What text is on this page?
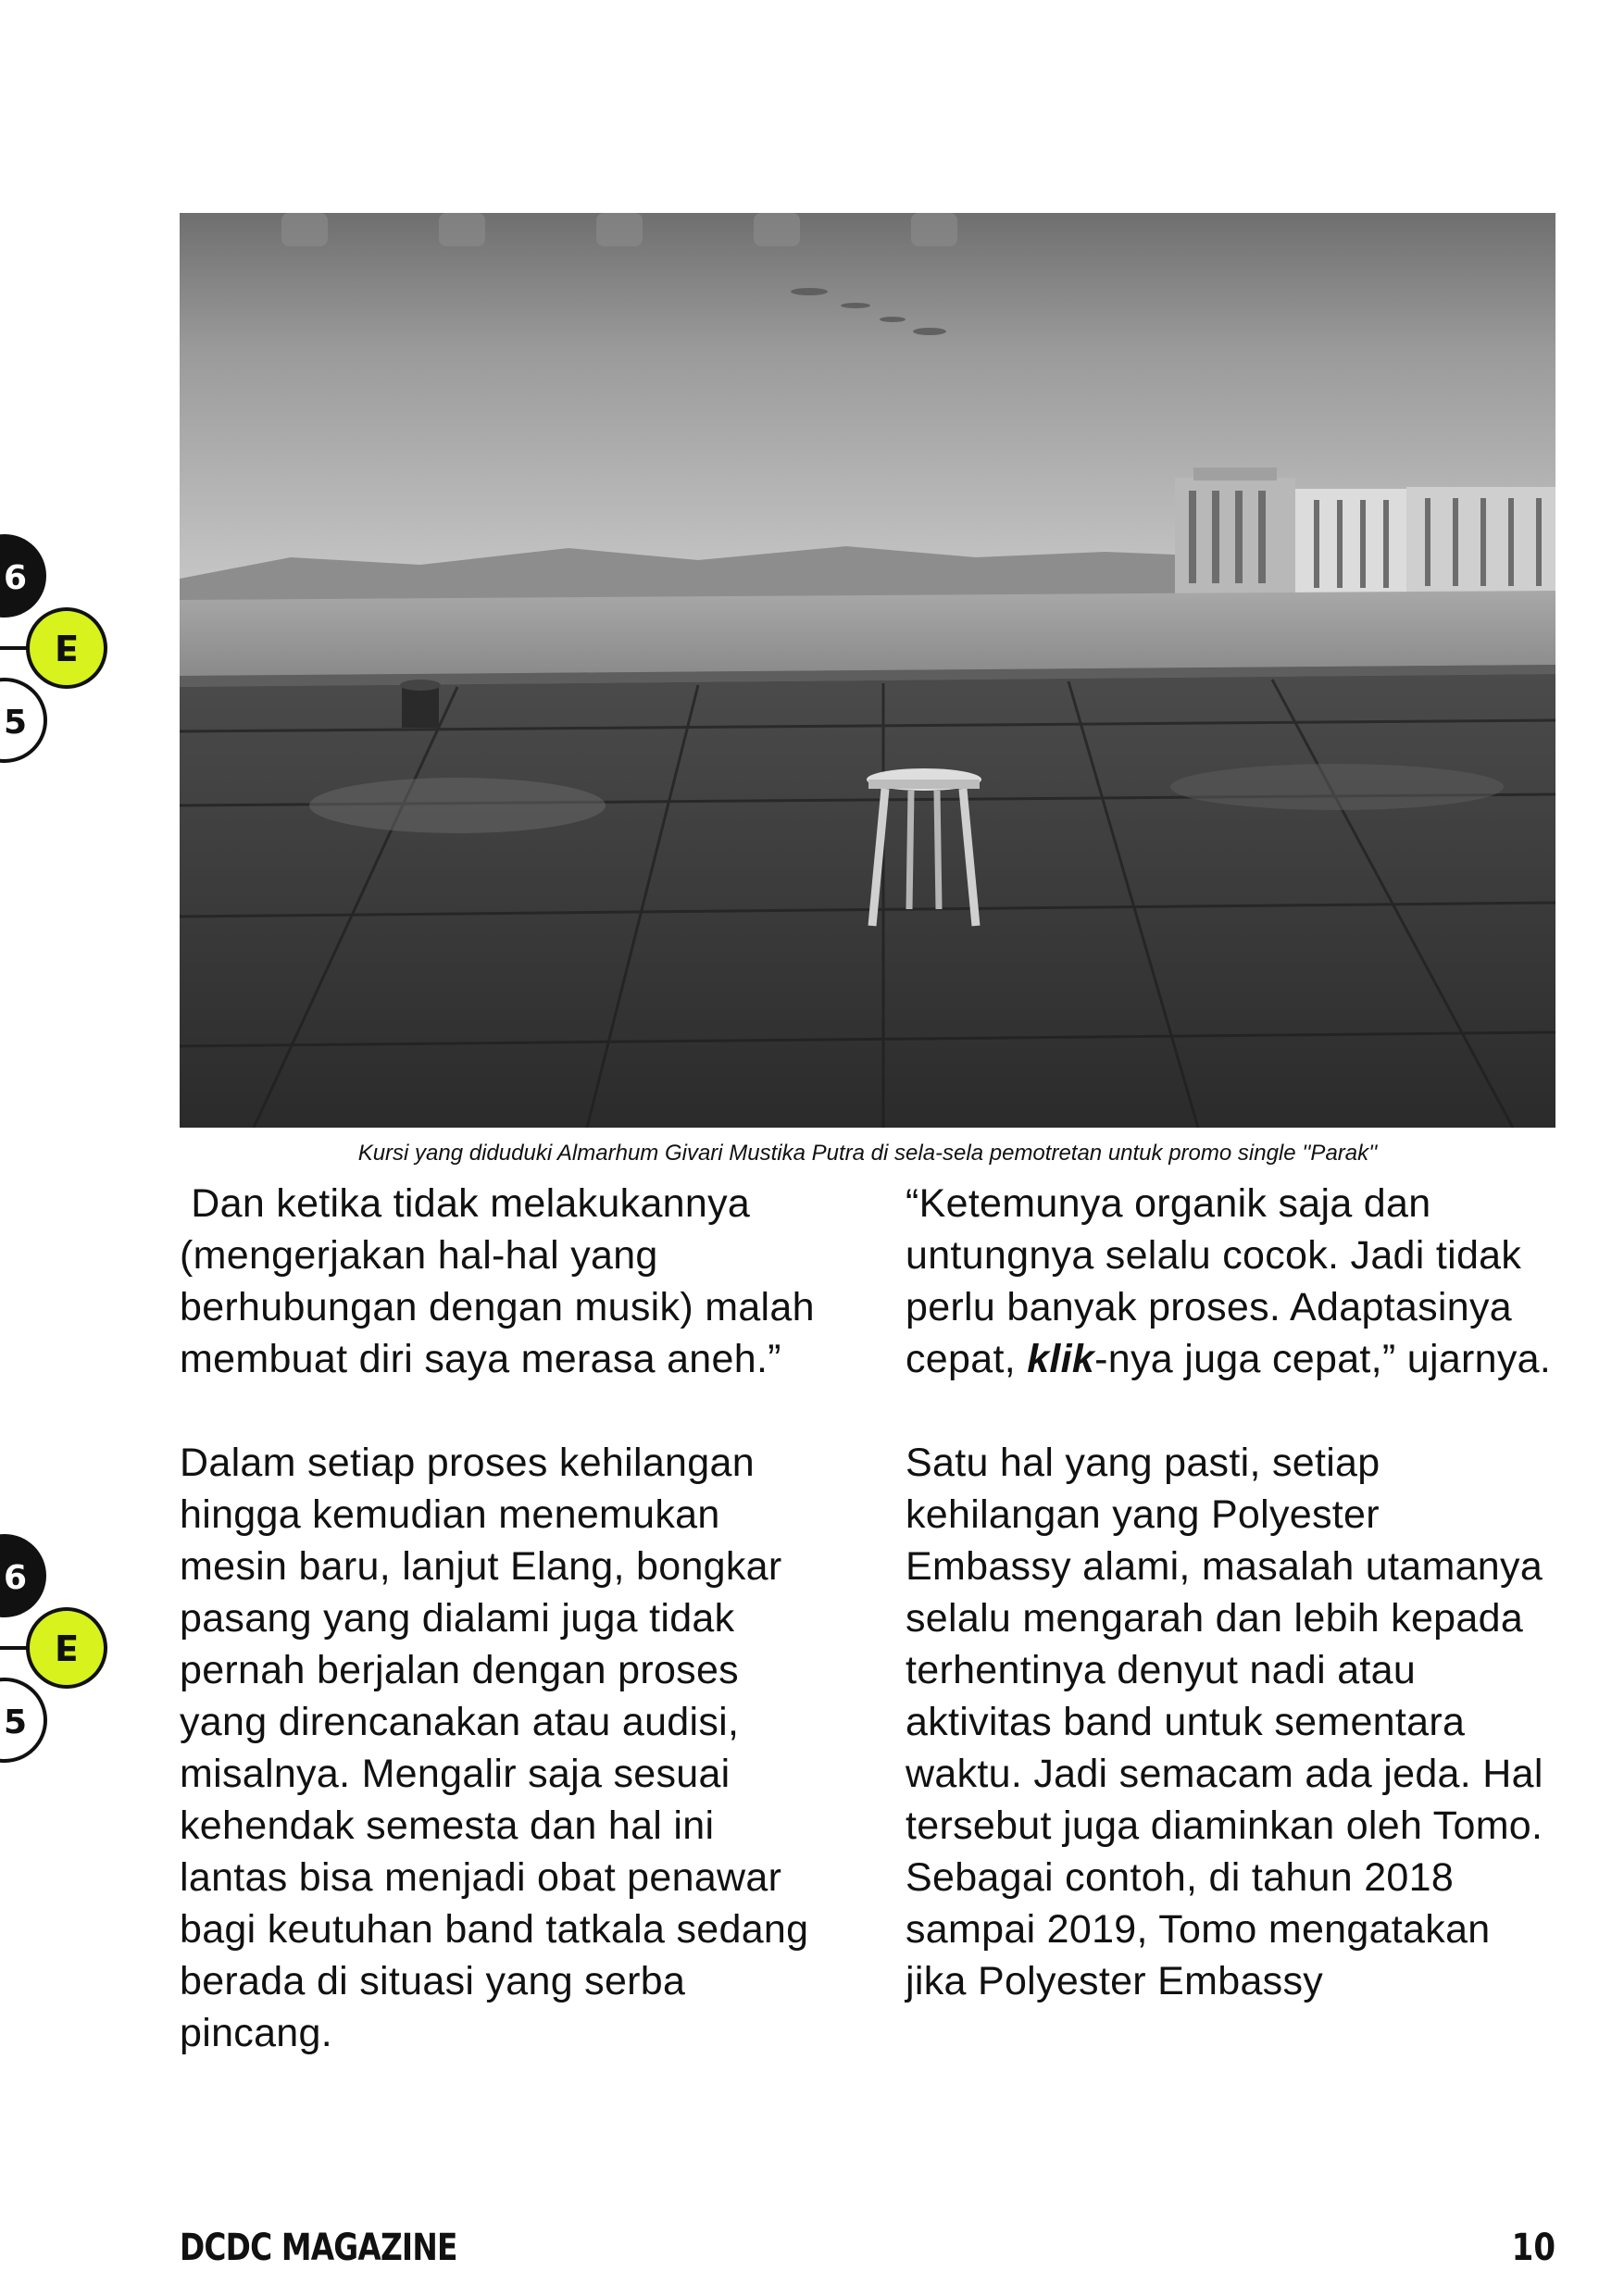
6
E
5
6
E
5
Kursi yang diduduki Almarhum Givari Mustika Putra di sela-sela pemotretan untuk promo single ''Parak''

Dan ketika tidak melakukannya (mengerjakan hal-hal yang berhubungan dengan musik) malah membuat diri saya merasa aneh.”

Dalam setiap proses kehilangan hingga kemudian menemukan mesin baru, lanjut Elang, bongkar pasang yang dialami juga tidak pernah berjalan dengan proses yang direncanakan atau audisi, misalnya. Mengalir saja sesuai kehendak semesta dan hal ini lantas bisa menjadi obat penawar bagi keutuhan band tatkala sedang berada di situasi yang serba pincang.

“Ketemunya organik saja dan untungnya selalu cocok. Jadi tidak perlu banyak proses. Adaptasinya cepat, klik-nya juga cepat,” ujarnya.

Satu hal yang pasti, setiap kehilangan yang Polyester Embassy alami, masalah utamanya selalu mengarah dan lebih kepada terhentinya denyut nadi atau aktivitas band untuk sementara waktu. Jadi semacam ada jeda. Hal tersebut juga diaminkan oleh Tomo. Sebagai contoh, di tahun 2018 sampai 2019, Tomo mengatakan jika Polyester Embassy

DCDC MAGAZINE	10
